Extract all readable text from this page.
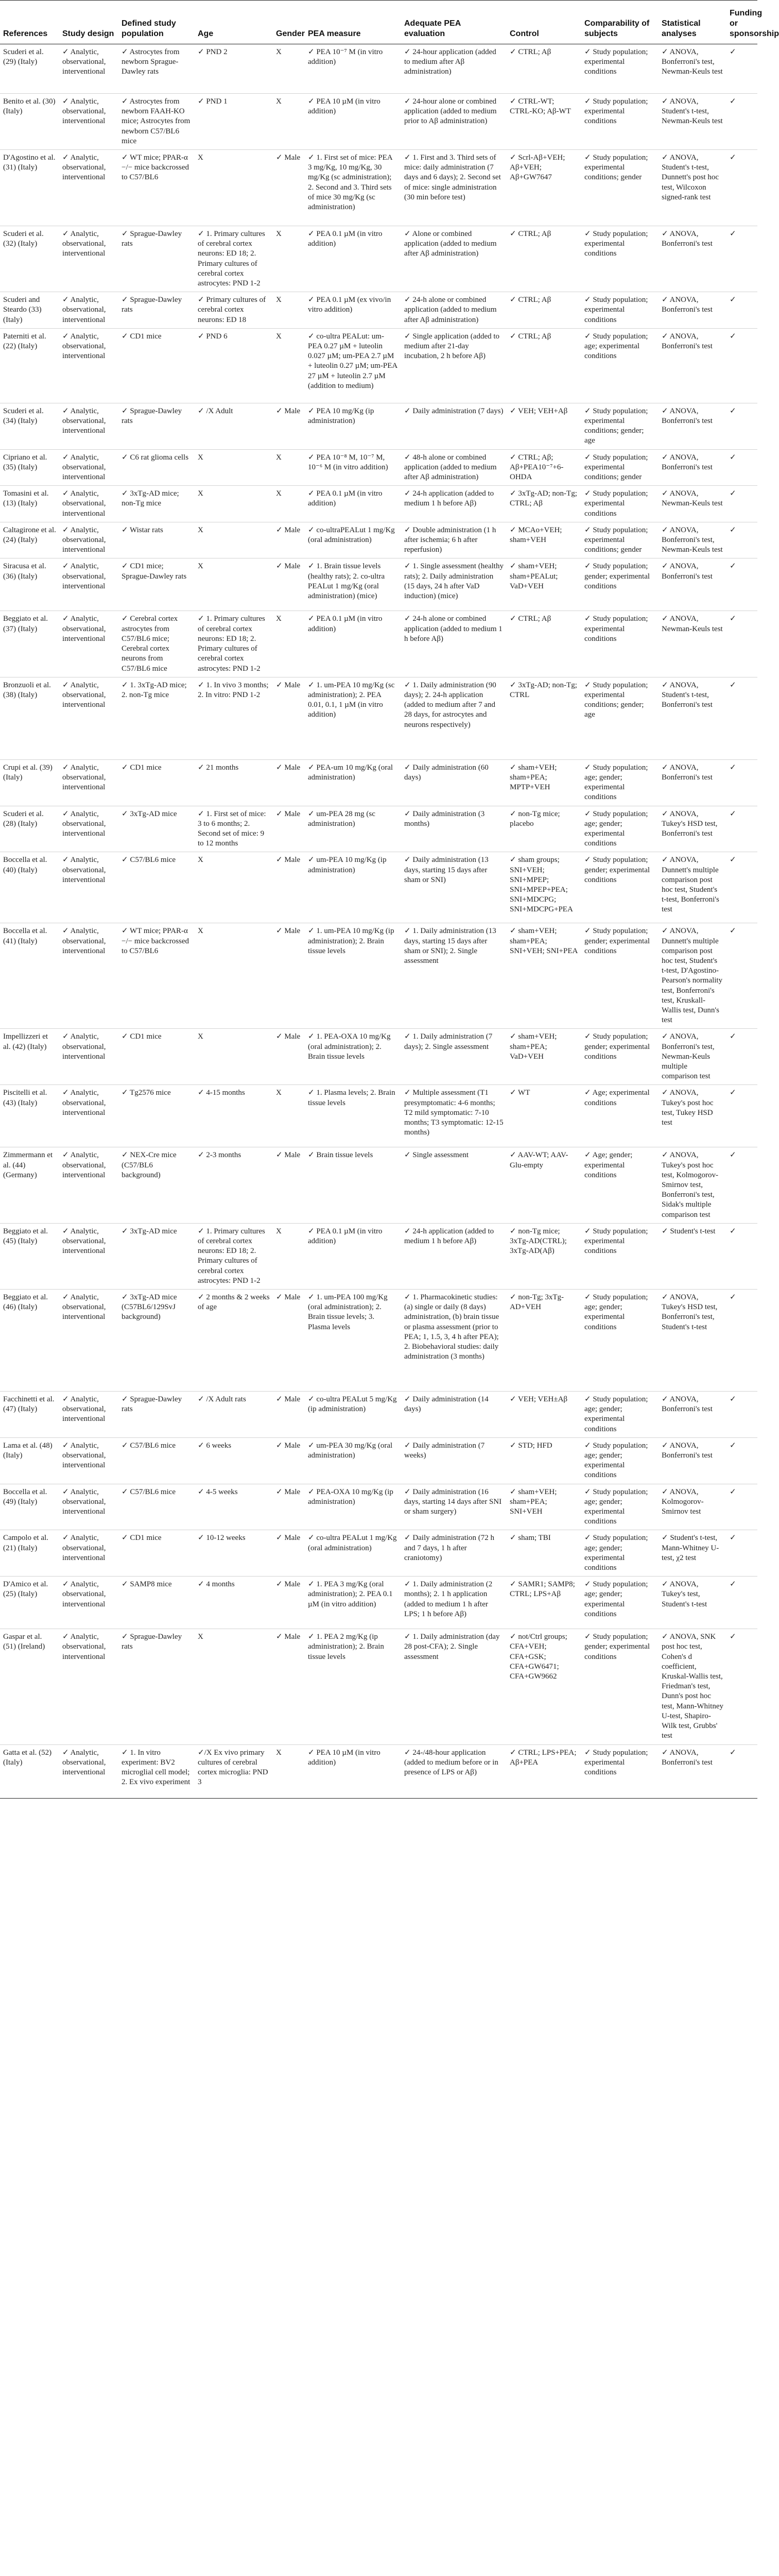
References	Study design	Defined study population	Age	Gender	PEA measure	Adequate PEA evaluation	Control	Comparability of subjects	Statistical analyses	Funding or sponsorship
Scuderi et al. (29) (Italy)	✓ Analytic, observational, interventional	✓ Astrocytes from newborn Sprague-Dawley rats	✓ PND 2	X	✓ PEA 10⁻⁷ M (in vitro addition)	✓ 24-hour application (added to medium after Aβ administration)	✓ CTRL; Aβ	✓ Study population; experimental conditions	✓ ANOVA, Bonferroni's test, Newman-Keuls test	✓
Benito et al. (30) (Italy)	✓ Analytic, observational, interventional	✓ Astrocytes from newborn FAAH-KO mice; Astrocytes from newborn C57/BL6 mice	✓ PND 1	X	✓ PEA 10 µM (in vitro addition)	✓ 24-hour alone or combined application (added to medium prior to Aβ administration)	✓ CTRL-WT; CTRL-KO; Aβ-WT	✓ Study population; experimental conditions	✓ ANOVA, Student's t-test, Newman-Keuls test	✓
D'Agostino et al. (31) (Italy)	✓ Analytic, observational, interventional	✓ WT mice; PPAR-α −/− mice backcrossed to C57/BL6	X	✓ Male	✓ 1. First set of mice: PEA 3 mg/Kg, 10 mg/Kg, 30 mg/Kg (sc administration); 2. Second and 3. Third sets of mice 30 mg/Kg (sc administration)	✓ 1. First and 3. Third sets of mice: daily administration (7 days and 6 days); 2. Second set of mice: single administration (30 min before test)	✓ Scrl-Aβ+VEH; Aβ+VEH; Aβ+GW7647	✓ Study population; experimental conditions; gender	✓ ANOVA, Student's t-test, Dunnett's post hoc test, Wilcoxon signed-rank test	✓
Scuderi et al. (32) (Italy)	✓ Analytic, observational, interventional	✓ Sprague-Dawley rats	✓ 1. Primary cultures of cerebral cortex neurons: ED 18; 2. Primary cultures of cerebral cortex astrocytes: PND 1-2	X	✓ PEA 0.1 µM (in vitro addition)	✓ Alone or combined application (added to medium after Aβ administration)	✓ CTRL; Aβ	✓ Study population; experimental conditions	✓ ANOVA, Bonferroni's test	✓
Scuderi and Steardo (33) (Italy)	✓ Analytic, observational, interventional	✓ Sprague-Dawley rats	✓ Primary cultures of cerebral cortex neurons: ED 18	X	✓ PEA 0.1 µM (ex vivo/in vitro addition)	✓ 24-h alone or combined application (added to medium after Aβ administration)	✓ CTRL; Aβ	✓ Study population; experimental conditions	✓ ANOVA, Bonferroni's test	✓
Paterniti et al. (22) (Italy)	✓ Analytic, observational, interventional	✓ CD1 mice	✓ PND 6	X	✓ co-ultra PEALut: um-PEA 0.27 µM + luteolin 0.027 µM; um-PEA 2.7 µM + luteolin 0.27 µM; um-PEA 27 µM + luteolin 2.7 µM (addition to medium)	✓ Single application (added to medium after 21-day incubation, 2 h before Aβ)	✓ CTRL; Aβ	✓ Study population; age; experimental conditions	✓ ANOVA, Bonferroni's test	✓
Scuderi et al. (34) (Italy)	✓ Analytic, observational, interventional	✓ Sprague-Dawley rats	✓ /X Adult	✓ Male	✓ PEA 10 mg/Kg (ip administration)	✓ Daily administration (7 days)	✓ VEH; VEH+Aβ	✓ Study population; experimental conditions; gender; age	✓ ANOVA, Bonferroni's test	✓
Cipriano et al. (35) (Italy)	✓ Analytic, observational, interventional	✓ C6 rat glioma cells	X	X	✓ PEA 10⁻⁸ M, 10⁻⁷ M, 10⁻⁶ M (in vitro addition)	✓ 48-h alone or combined application (added to medium after Aβ administration)	✓ CTRL; Aβ; Aβ+PEA10⁻⁷+6-OHDA	✓ Study population; experimental conditions; gender	✓ ANOVA, Bonferroni's test	✓
Tomasini et al. (13) (Italy)	✓ Analytic, observational, interventional	✓ 3xTg-AD mice; non-Tg mice	X	X	✓ PEA 0.1 µM (in vitro addition)	✓ 24-h application (added to medium 1 h before Aβ)	✓ 3xTg-AD; non-Tg; CTRL; Aβ	✓ Study population; experimental conditions	✓ ANOVA, Newman-Keuls test	✓
Caltagirone et al. (24) (Italy)	✓ Analytic, observational, interventional	✓ Wistar rats	X	✓ Male	✓ co-ultraPEALut 1 mg/Kg (oral administration)	✓ Double administration (1 h after ischemia; 6 h after reperfusion)	✓ MCAo+VEH; sham+VEH	✓ Study population; experimental conditions; gender	✓ ANOVA, Bonferroni's test, Newman-Keuls test	✓
Siracusa et al. (36) (Italy)	✓ Analytic, observational, interventional	✓ CD1 mice; Sprague-Dawley rats	X	✓ Male	✓ 1. Brain tissue levels (healthy rats); 2. co-ultra PEALut 1 mg/Kg (oral administration) (mice)	✓ 1. Single assessment (healthy rats); 2. Daily administration (15 days, 24 h after VaD induction) (mice)	✓ sham+VEH; sham+PEALut; VaD+VEH	✓ Study population; gender; experimental conditions	✓ ANOVA, Bonferroni's test	✓
Beggiato et al. (37) (Italy)	✓ Analytic, observational, interventional	✓ Cerebral cortex astrocytes from C57/BL6 mice; Cerebral cortex neurons from C57/BL6 mice	✓ 1. Primary cultures of cerebral cortex neurons: ED 18; 2. Primary cultures of cerebral cortex astrocytes: PND 1-2	X	✓ PEA 0.1 µM (in vitro addition)	✓ 24-h alone or combined application (added to medium 1 h before Aβ)	✓ CTRL; Aβ	✓ Study population; experimental conditions	✓ ANOVA, Newman-Keuls test	✓
Bronzuoli et al. (38) (Italy)	✓ Analytic, observational, interventional	✓ 1. 3xTg-AD mice; 2. non-Tg mice	✓ 1. In vivo 3 months; 2. In vitro: PND 1-2	✓ Male	✓ 1. um-PEA 10 mg/Kg (sc administration); 2. PEA 0.01, 0.1, 1 µM (in vitro addition)	✓ 1. Daily administration (90 days); 2. 24-h application (added to medium after 7 and 28 days, for astrocytes and neurons respectively)	✓ 3xTg-AD; non-Tg; CTRL	✓ Study population; experimental conditions; gender; age	✓ ANOVA, Student's t-test, Bonferroni's test	✓
Crupi et al. (39) (Italy)	✓ Analytic, observational, interventional	✓ CD1 mice	✓ 21 months	✓ Male	✓ PEA-um 10 mg/Kg (oral administration)	✓ Daily administration (60 days)	✓ sham+VEH; sham+PEA; MPTP+VEH	✓ Study population; age; gender; experimental conditions	✓ ANOVA, Bonferroni's test	✓
Scuderi et al. (28) (Italy)	✓ Analytic, observational, interventional	✓ 3xTg-AD mice	✓ 1. First set of mice: 3 to 6 months; 2. Second set of mice: 9 to 12 months	✓ Male	✓ um-PEA 28 mg (sc administration)	✓ Daily administration (3 months)	✓ non-Tg mice; placebo	✓ Study population; age; gender; experimental conditions	✓ ANOVA, Tukey's HSD test, Bonferroni's test	✓
Boccella et al. (40) (Italy)	✓ Analytic, observational, interventional	✓ C57/BL6 mice	X	✓ Male	✓ um-PEA 10 mg/Kg (ip administration)	✓ Daily administration (13 days, starting 15 days after sham or SNI)	✓ sham groups; SNI+VEH; SNI+MPEP; SNI+MPEP+PEA; SNI+MDCPG; SNI+MDCPG+PEA	✓ Study population; gender; experimental conditions	✓ ANOVA, Dunnett's multiple comparison post hoc test, Student's t-test, Bonferroni's test	✓
Boccella et al. (41) (Italy)	✓ Analytic, observational, interventional	✓ WT mice; PPAR-α −/− mice backcrossed to C57/BL6	X	✓ Male	✓ 1. um-PEA 10 mg/Kg (ip administration); 2. Brain tissue levels	✓ 1. Daily administration (13 days, starting 15 days after sham or SNI); 2. Single assessment	✓ sham+VEH; sham+PEA; SNI+VEH; SNI+PEA	✓ Study population; gender; experimental conditions	✓ ANOVA, Dunnett's multiple comparison post hoc test, Student's t-test, D'Agostino-Pearson's normality test, Bonferroni's test, Kruskall-Wallis test, Dunn's test	✓
Impellizzeri et al. (42) (Italy)	✓ Analytic, observational, interventional	✓ CD1 mice	X	✓ Male	✓ 1. PEA-OXA 10 mg/Kg (oral administration); 2. Brain tissue levels	✓ 1. Daily administration (7 days); 2. Single assessment	✓ sham+VEH; sham+PEA; VaD+VEH	✓ Study population; gender; experimental conditions	✓ ANOVA, Bonferroni's test, Newman-Keuls multiple comparison test	✓
Piscitelli et al. (43) (Italy)	✓ Analytic, observational, interventional	✓ Tg2576 mice	✓ 4-15 months	X	✓ 1. Plasma levels; 2. Brain tissue levels	✓ Multiple assessment (T1 presymptomatic: 4-6 months; T2 mild symptomatic: 7-10 months; T3 symptomatic: 12-15 months)	✓ WT	✓ Age; experimental conditions	✓ ANOVA, Tukey's post hoc test, Tukey HSD test	✓
Zimmermann et al. (44) (Germany)	✓ Analytic, observational, interventional	✓ NEX-Cre mice (C57/BL6 background)	✓ 2-3 months	✓ Male	✓ Brain tissue levels	✓ Single assessment	✓ AAV-WT; AAV-Glu-empty	✓ Age; gender; experimental conditions	✓ ANOVA, Tukey's post hoc test, Kolmogorov-Smirnov test, Bonferroni's test, Sidak's multiple comparison test	✓
Beggiato et al. (45) (Italy)	✓ Analytic, observational, interventional	✓ 3xTg-AD mice	✓ 1. Primary cultures of cerebral cortex neurons: ED 18; 2. Primary cultures of cerebral cortex astrocytes: PND 1-2	X	✓ PEA 0.1 µM (in vitro addition)	✓ 24-h application (added to medium 1 h before Aβ)	✓ non-Tg mice; 3xTg-AD(CTRL); 3xTg-AD(Aβ)	✓ Study population; experimental conditions	✓ Student's t-test	✓
Beggiato et al. (46) (Italy)	✓ Analytic, observational, interventional	✓ 3xTg-AD mice (C57BL6/129SvJ background)	✓ 2 months & 2 weeks of age	✓ Male	✓ 1. um-PEA 100 mg/Kg (oral administration); 2. Brain tissue levels; 3. Plasma levels	✓ 1. Pharmacokinetic studies: (a) single or daily (8 days) administration, (b) brain tissue or plasma assessment (prior to PEA; 1, 1.5, 3, 4 h after PEA); 2. Biobehavioral studies: daily administration (3 months)	✓ non-Tg; 3xTg-AD+VEH	✓ Study population; age; gender; experimental conditions	✓ ANOVA, Tukey's HSD test, Bonferroni's test, Student's t-test	✓
Facchinetti et al. (47) (Italy)	✓ Analytic, observational, interventional	✓ Sprague-Dawley rats	✓ /X Adult rats	✓ Male	✓ co-ultra PEALut 5 mg/Kg (ip administration)	✓ Daily administration (14 days)	✓ VEH; VEH±Aβ	✓ Study population; age; gender; experimental conditions	✓ ANOVA, Bonferroni's test	✓
Lama et al. (48) (Italy)	✓ Analytic, observational, interventional	✓ C57/BL6 mice	✓ 6 weeks	✓ Male	✓ um-PEA 30 mg/Kg (oral administration)	✓ Daily administration (7 weeks)	✓ STD; HFD	✓ Study population; age; gender; experimental conditions	✓ ANOVA, Bonferroni's test	✓
Boccella et al. (49) (Italy)	✓ Analytic, observational, interventional	✓ C57/BL6 mice	✓ 4-5 weeks	✓ Male	✓ PEA-OXA 10 mg/Kg (ip administration)	✓ Daily administration (16 days, starting 14 days after SNI or sham surgery)	✓ sham+VEH; sham+PEA; SNI+VEH	✓ Study population; age; gender; experimental conditions	✓ ANOVA, Kolmogorov-Smirnov test	✓
Campolo et al. (21) (Italy)	✓ Analytic, observational, interventional	✓ CD1 mice	✓ 10-12 weeks	✓ Male	✓ co-ultra PEALut 1 mg/Kg (oral administration)	✓ Daily administration (72 h and 7 days, 1 h after craniotomy)	✓ sham; TBI	✓ Study population; age; gender; experimental conditions	✓ Student's t-test, Mann-Whitney U-test, χ2 test	✓
D'Amico et al. (25) (Italy)	✓ Analytic, observational, interventional	✓ SAMP8 mice	✓ 4 months	✓ Male	✓ 1. PEA 3 mg/Kg (oral administration); 2. PEA 0.1 µM (in vitro addition)	✓ 1. Daily administration (2 months); 2. 1 h application (added to medium 1 h after LPS; 1 h before Aβ)	✓ SAMR1; SAMP8; CTRL; LPS+Aβ	✓ Study population; age; gender; experimental conditions	✓ ANOVA, Tukey's test, Student's t-test	✓
Gaspar et al. (51) (Ireland)	✓ Analytic, observational, interventional	✓ Sprague-Dawley rats	X	✓ Male	✓ 1. PEA 2 mg/Kg (ip administration); 2. Brain tissue levels	✓ 1. Daily administration (day 28 post-CFA); 2. Single assessment	✓ not/Ctrl groups; CFA+VEH; CFA+GSK; CFA+GW6471; CFA+GW9662	✓ Study population; gender; experimental conditions	✓ ANOVA, SNK post hoc test, Cohen's d coefficient, Kruskal-Wallis test, Friedman's test, Dunn's post hoc test, Mann-Whitney U-test, Shapiro-Wilk test, Grubbs' test	✓
Gatta et al. (52) (Italy)	✓ Analytic, observational, interventional	✓ 1. In vitro experiment: BV2 microglial cell model; 2. Ex vivo experiment	✓/X Ex vivo primary cultures of cerebral cortex microglia: PND 3	X	✓ PEA 10 µM (in vitro addition)	✓ 24-/48-hour application (added to medium before or in presence of LPS or Aβ)	✓ CTRL; LPS+PEA; Aβ+PEA	✓ Study population; experimental conditions	✓ ANOVA, Bonferroni's test	✓
